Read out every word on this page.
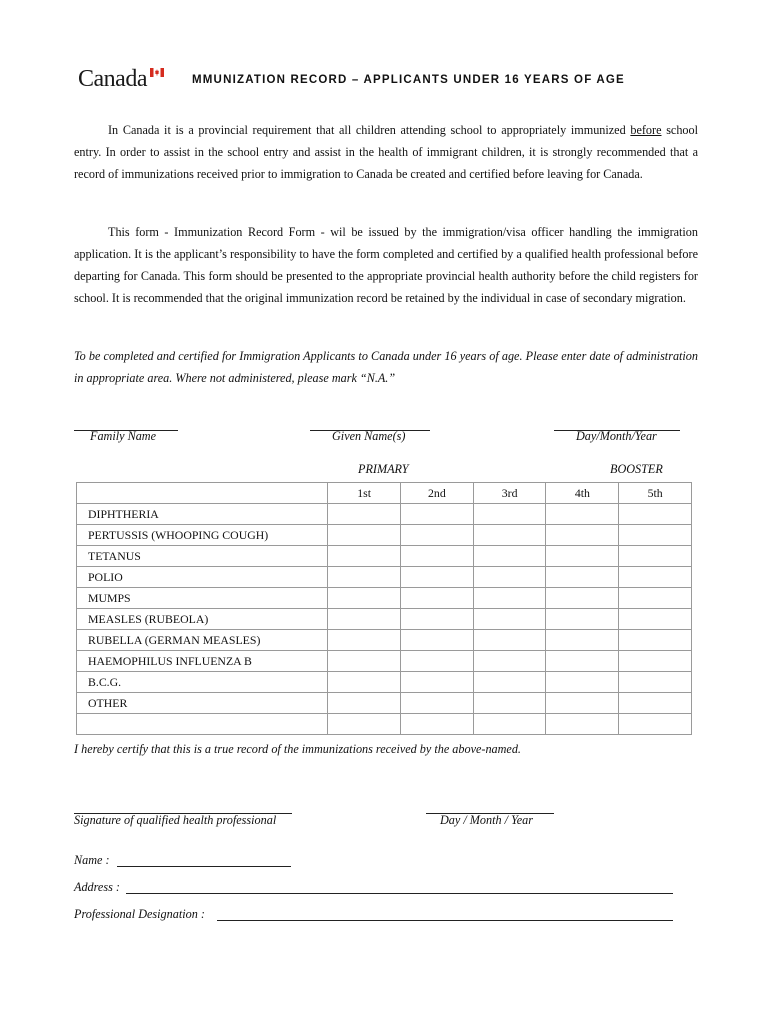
Canada	MMUNIZATION RECORD – APPLICANTS UNDER 16 YEARS OF AGE

In Canada it is a provincial requirement that all children attending school to appropriately immunized before school entry. In order to assist in the school entry and assist in the health of immigrant children, it is strongly recommended that a record of immunizations received prior to immigration to Canada be created and certified before leaving for Canada.

This form - Immunization Record Form - wil be issued by the immigration/visa officer handling the immigration application. It is the applicant’s responsibility to have the form completed and certified by a qualified health professional before departing for Canada. This form should be presented to the appropriate provincial health authority before the child registers for school. It is recommended that the original immunization record be retained by the individual in case of secondary migration.

To be completed and certified for Immigration Applicants to Canada under 16 years of age. Please enter date of administration in appropriate area. Where not administered, please mark “N.A.”

Family Name	Given Name(s)	Day/Month/Year
PRIMARY	BOOSTER
	1st	2nd	3rd	4th	5th
DIPHTHERIA					
PERTUSSIS (WHOOPING COUGH)					
TETANUS					
POLIO					
MUMPS					
MEASLES (RUBEOLA)					
RUBELLA (GERMAN MEASLES)					
HAEMOPHILUS INFLUENZA B					
B.C.G.					
OTHER					

I hereby certify that this is a true record of the immunizations received by the above-named.
Signature of qualified health professional	Day / Month / Year
Name :
Address :
Professional Designation :
